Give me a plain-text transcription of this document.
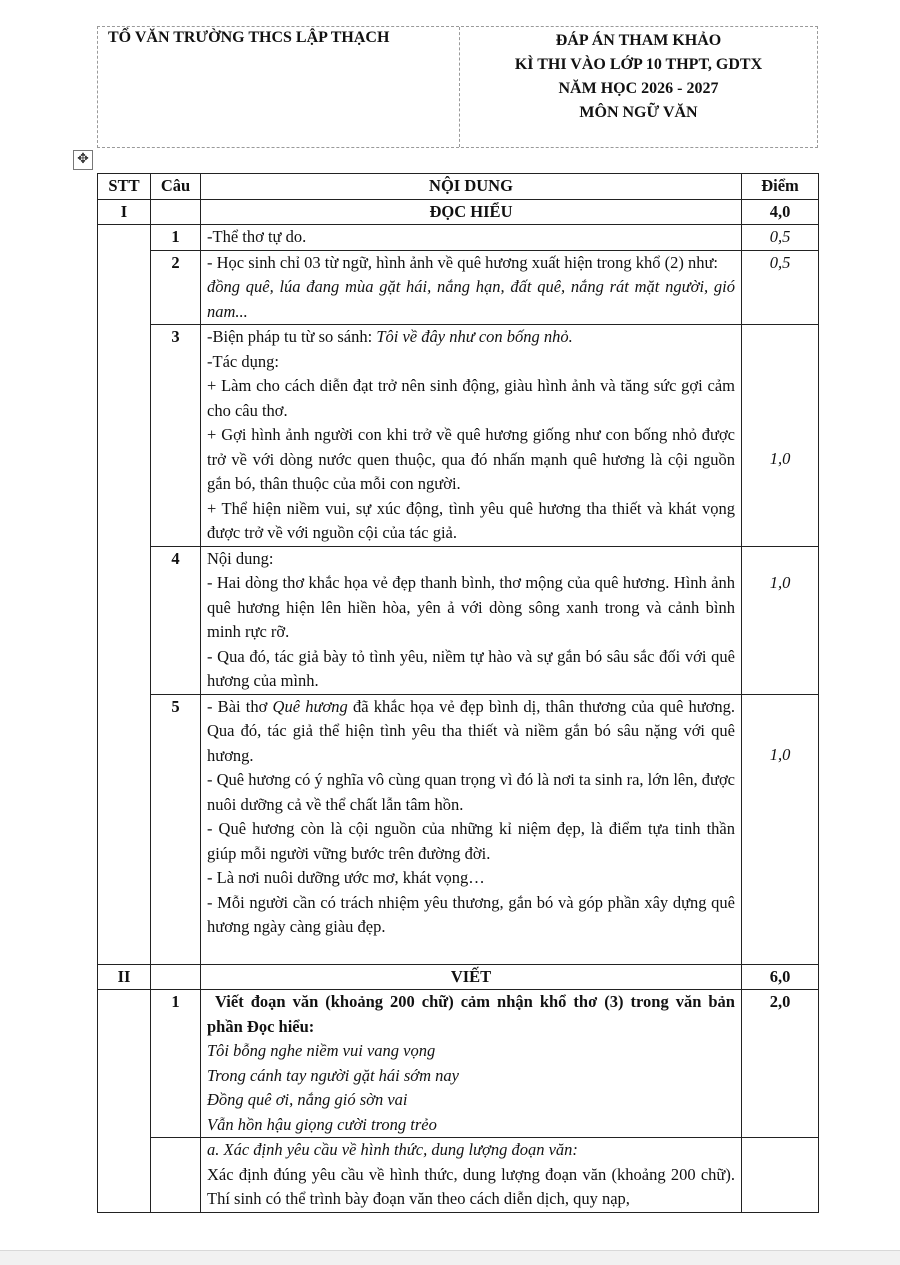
TỔ VĂN TRƯỜNG THCS LẬP THẠCH	ĐÁP ÁN THAM KHẢO
KÌ THI VÀO LỚP 10 THPT, GDTX
NĂM HỌC 2026 - 2027
MÔN NGỮ VĂN
✥
STT	Câu	NỘI DUNG	Điểm
I		ĐỌC HIỂU	4,0
	1	-Thể thơ tự do.	0,5
	2	- Học sinh chỉ 03 từ ngữ, hình ảnh về quê hương xuất hiện trong khổ (2) như:
đồng quê, lúa đang mùa gặt hái, nắng hạn, đất quê, nắng rát mặt người, gió nam...	0,5
	3	-Biện pháp tu từ so sánh: Tôi về đây như con bống nhỏ.
-Tác dụng:
+ Làm cho cách diễn đạt trở nên sinh động, giàu hình ảnh và tăng sức gợi cảm cho câu thơ.
+ Gợi hình ảnh người con khi trở về quê hương giống như con bống nhỏ được trở về với dòng nước quen thuộc, qua đó nhấn mạnh quê hương là cội nguồn gắn bó, thân thuộc của mỗi con người.
+ Thể hiện niềm vui, sự xúc động, tình yêu quê hương tha thiết và khát vọng được trở về với nguồn cội của tác giả.	1,0
	4	Nội dung:
- Hai dòng thơ khắc họa vẻ đẹp thanh bình, thơ mộng của quê hương. Hình ảnh quê hương hiện lên hiền hòa, yên ả với dòng sông xanh trong và cảnh bình minh rực rỡ.
- Qua đó, tác giả bày tỏ tình yêu, niềm tự hào và sự gắn bó sâu sắc đối với quê hương của mình.	1,0
	5	- Bài thơ Quê hương đã khắc họa vẻ đẹp bình dị, thân thương của quê hương. Qua đó, tác giả thể hiện tình yêu tha thiết và niềm gắn bó sâu nặng với quê hương.
- Quê hương có ý nghĩa vô cùng quan trọng vì đó là nơi ta sinh ra, lớn lên, được nuôi dưỡng cả về thể chất lẫn tâm hồn.
- Quê hương còn là cội nguồn của những kỉ niệm đẹp, là điểm tựa tinh thần giúp mỗi người vững bước trên đường đời.
- Là nơi nuôi dưỡng ước mơ, khát vọng…
- Mỗi người cần có trách nhiệm yêu thương, gắn bó và góp phần xây dựng quê hương ngày càng giàu đẹp.	1,0
II		VIẾT	6,0
	1	Viết đoạn văn (khoảng 200 chữ) cảm nhận khổ thơ (3) trong văn bản phần Đọc hiểu:
Tôi bỗng nghe niềm vui vang vọng
Trong cánh tay người gặt hái sớm nay
Đồng quê ơi, nắng gió sờn vai
Vẫn hồn hậu giọng cười trong trẻo	2,0

		a. Xác định yêu cầu về hình thức, dung lượng đoạn văn:
Xác định đúng yêu cầu về hình thức, dung lượng đoạn văn (khoảng 200 chữ). Thí sinh có thể trình bày đoạn văn theo cách diễn dịch, quy nạp,	
